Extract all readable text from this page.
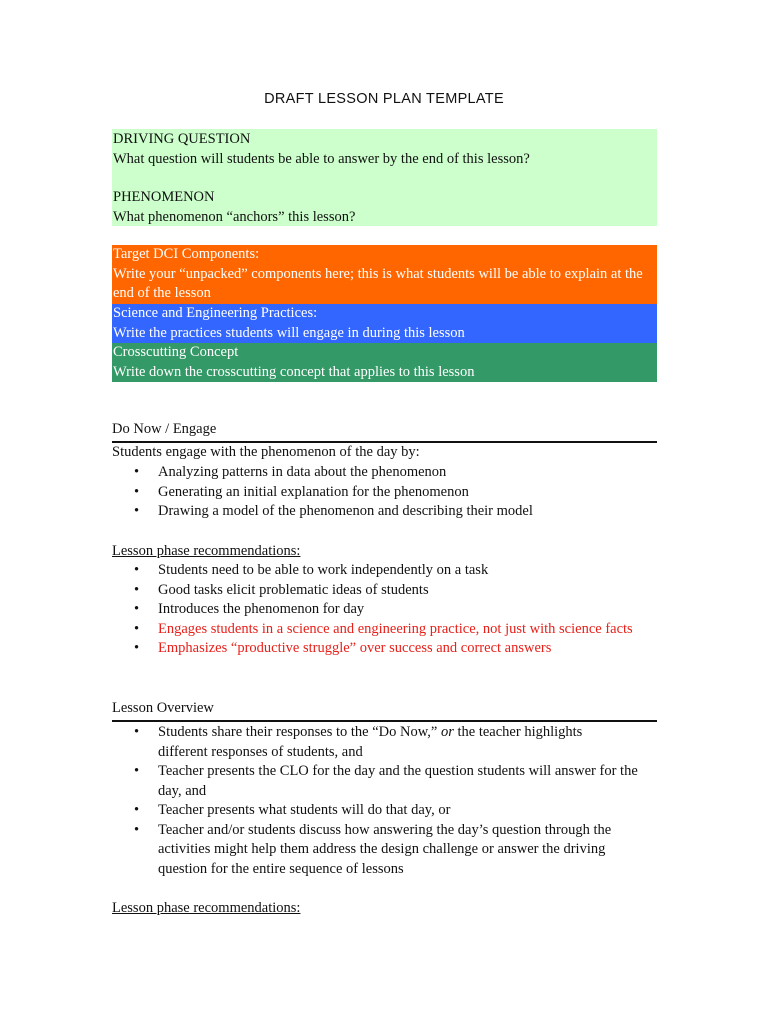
DRAFT LESSON PLAN TEMPLATE
DRIVING QUESTION
What question will students be able to answer by the end of this lesson?
PHENOMENON
What phenomenon “anchors” this lesson?
Target DCI Components:
Write your “unpacked” components here; this is what students will be able to explain at the end of the lesson
Science and Engineering Practices:
Write the practices students will engage in during this lesson
Crosscutting Concept
Write down the crosscutting concept that applies to this lesson
Do Now / Engage
Students engage with the phenomenon of the day by:
• Analyzing patterns in data about the phenomenon
• Generating an initial explanation for the phenomenon
• Drawing a model of the phenomenon and describing their model
Lesson phase recommendations:
• Students need to be able to work independently on a task
• Good tasks elicit problematic ideas of students
• Introduces the phenomenon for day
• Engages students in a science and engineering practice, not just with science facts
• Emphasizes “productive struggle” over success and correct answers
Lesson Overview
• Students share their responses to the “Do Now,” or the teacher highlights different responses of students, and
• Teacher presents the CLO for the day and the question students will answer for the day, and
• Teacher presents what students will do that day, or
• Teacher and/or students discuss how answering the day’s question through the activities might help them address the design challenge or answer the driving question for the entire sequence of lessons
Lesson phase recommendations:
